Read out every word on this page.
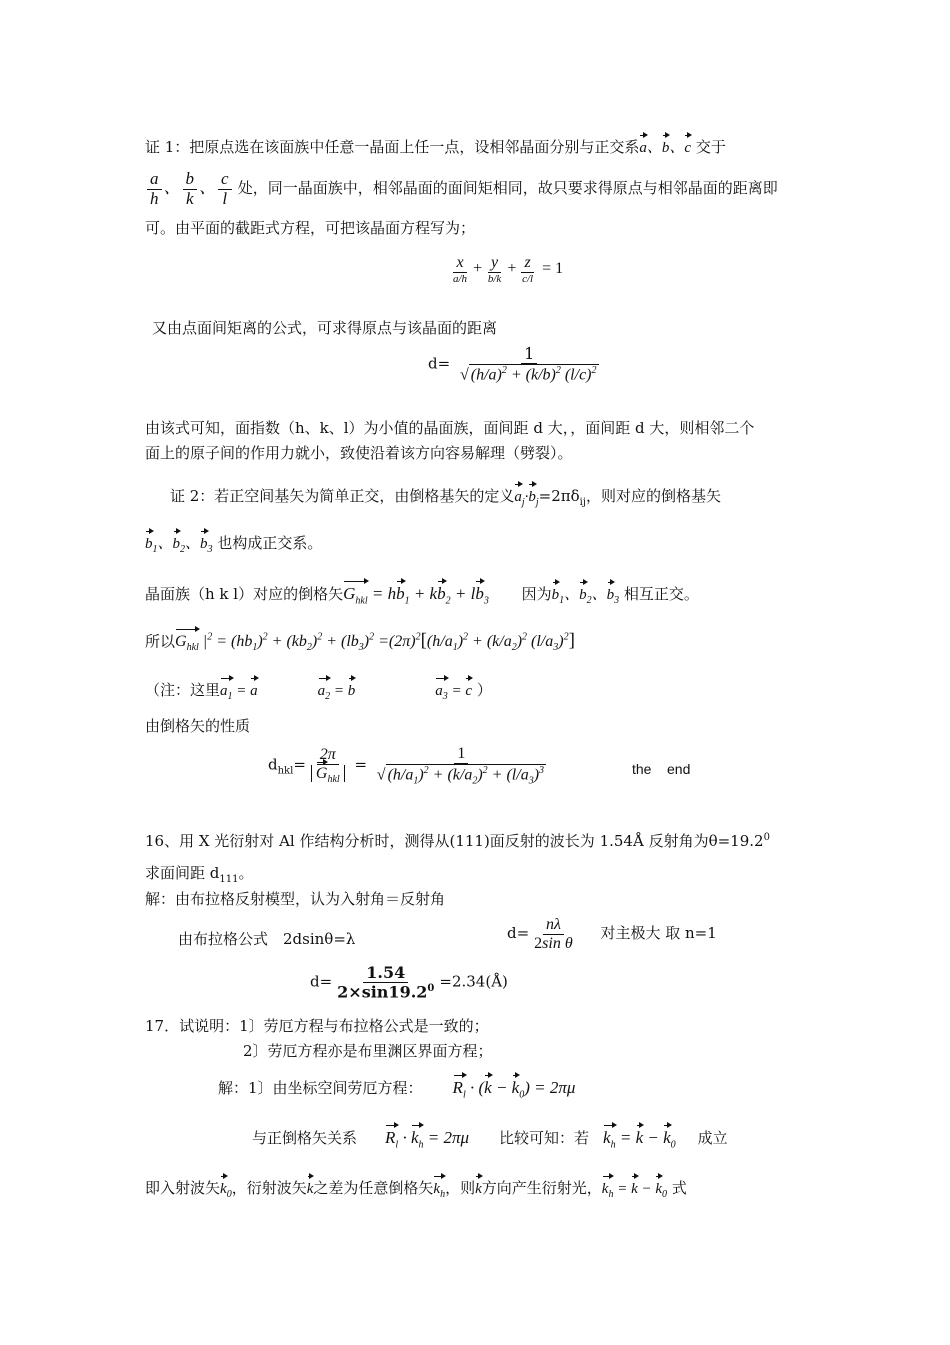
证 1：把原点选在该面族中任意一晶面上任一点，设相邻晶面分别与正交系a、b、c 交于
$\frac{a}{h}$ 、 $\frac{b}{k}$ 、 $\frac{c}{l}$ 处，同一晶面族中，相邻晶面的面间矩相同，故只要求得原点与相邻晶面的距离即
可。由平面的截距式方程，可把该晶面方程写为；
$\frac{x}{a/h} + \frac{y}{b/k} + \frac{z}{c/l} = 1$
又由点面间矩离的公式，可求得原点与该晶面的距离
$d= \frac{1}{√ (h/a)^2 + (k/b)^2 (l/c)^2}$
由该式可知，面指数（h、k、l）为小值的晶面族，面间距 d 大，，面间距 d 大，则相邻二个
面上的原子间的作用力就小，致使沿着该方向容易解理（劈裂）。
证 2：若正空间基矢为简单正交，由倒格基矢的定义$a_j\cdot b_j=2\pi\delta_{ij}$，则对应的倒格基矢
$b_1$、$b_2$、$b_3$ 也构成正交系。
晶面族（h k l）对应的倒格矢$G_{hkl} = hb_1 + kb_2 + lb_3$ 因为$b_1$、$b_2$、$b_3$ 相互正交。
所以$G_{hkl}$ $|^2 = (hb_1)^2 + (kb_2)^2 + (lb_3)^2 =(2\pi)^2[(h/a_1)^2 + (k/a_2)^2$ $(l/a_3)^2$]
（注：这里$a_1 = a$	$a_2 = b$	$a_3 = c$ ）
由倒格矢的性质
$d_{hkl}= \frac{2\pi}{G_{hkl}} = \frac{1}{√ (h/a_1)^2 + (k/a_2)^2 + (l/a_3)^3}$	the    end
16、用 X 光衍射对 Al 作结构分析时，测得从(111)面反射的波长为 1.54Å 反射角为$\theta=19.2^0$
求面间距 $d_{111}$。
解：由布拉格反射模型，认为入射角＝反射角
由布拉格公式　2dsinθ=λ	$d= \frac{n\lambda}{\text{2sin θ}}$ 对主极大 取 n=1
$d= \frac{1.54}{2\times\sin 19.2^0}$ =2.34(Å)
17．试说明：1〕劳厄方程与布拉格公式是一致的；
2〕劳厄方程亦是布里渊区界面方程；
解：1〕由坐标空间劳厄方程： $R_l \cdot (k - k_0) = 2\pi\mu$
与正倒格矢关系 $R_l \cdot k_h = 2\pi\mu$ 比较可知：若 $k_h = k - k_0$ 成立
即入射波矢$k_0$，衍射波矢k之差为任意倒格矢$k_h$，则k方向产生衍射光，$k_h = k - k_0$ 式
